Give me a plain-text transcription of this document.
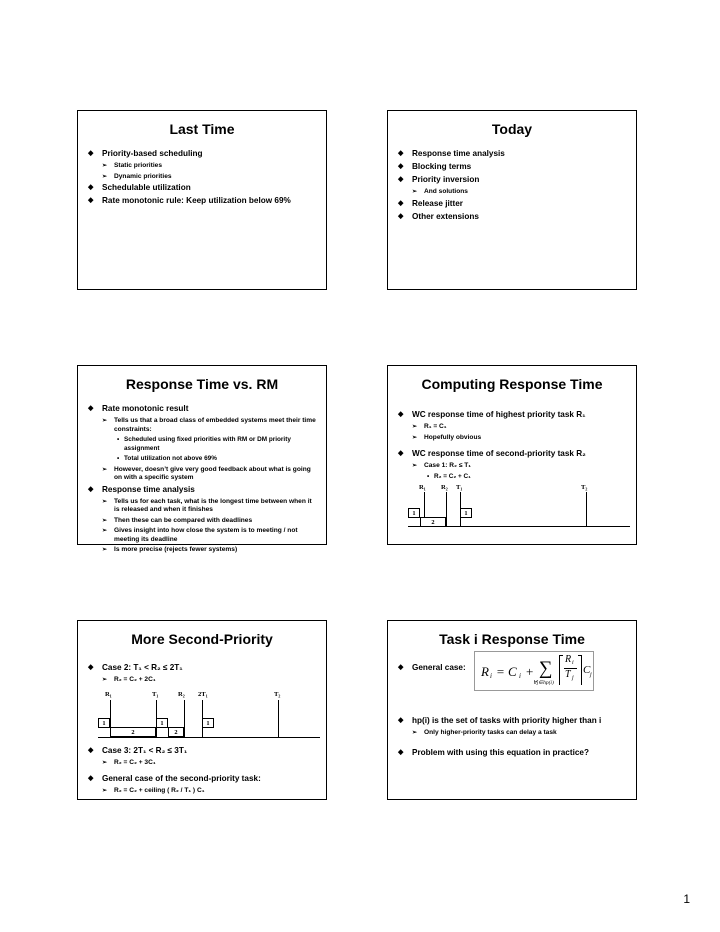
Last Time
◆ Priority-based scheduling
➢ Static priorities
➢ Dynamic priorities
◆ Schedulable utilization
◆ Rate monotonic rule: Keep utilization below 69%
Today
◆ Response time analysis
◆ Blocking terms
◆ Priority inversion
➢ And solutions
◆ Release jitter
◆ Other extensions
Response Time vs. RM
◆ Rate monotonic result
➢ Tells us that a broad class of embedded systems meet their time constraints:
• Scheduled using fixed priorities with RM or DM priority assignment
• Total utilization not above 69%
➢ However, doesn’t give very good feedback about what is going on with a specific system
◆ Response time analysis
➢ Tells us for each task, what is the longest time between when it is released and when it finishes
➢ Then these can be compared with deadlines
➢ Gives insight into how close the system is to meeting / not meeting its deadline
➢ Is more precise (rejects fewer systems)
Computing Response Time
◆ WC response time of highest priority task R₁
➢ R₁ = C₁
➢ Hopefully obvious
◆ WC response time of second-priority task R₂
➢ Case 1: R₂ ≤ T₁
• R₂ = C₂ + C₁
R₁ R₂ T₁	T₂
1	1
2
More Second-Priority
◆ Case 2: T₁ < R₂ ≤ 2T₁
➢ R₂ = C₂ + 2C₁
R₁	T₁	R₂ 2T₁	T₂
1	1	1
2	2
◆ Case 3: 2T₁ < R₂ ≤ 3T₁
➢ R₂ = C₂ + 3C₁
◆ General case of the second-priority task:
➢ R₂ = C₂ + ceiling ( R₂ / T₁ ) C₁
Task i Response Time
◆ General case:	R i = C i + ∑
∀j∈hp(i)
R i
T j
C j
◆ hp(i) is the set of tasks with priority higher than i
➢ Only higher-priority tasks can delay a task
◆ Problem with using this equation in practice?
1
